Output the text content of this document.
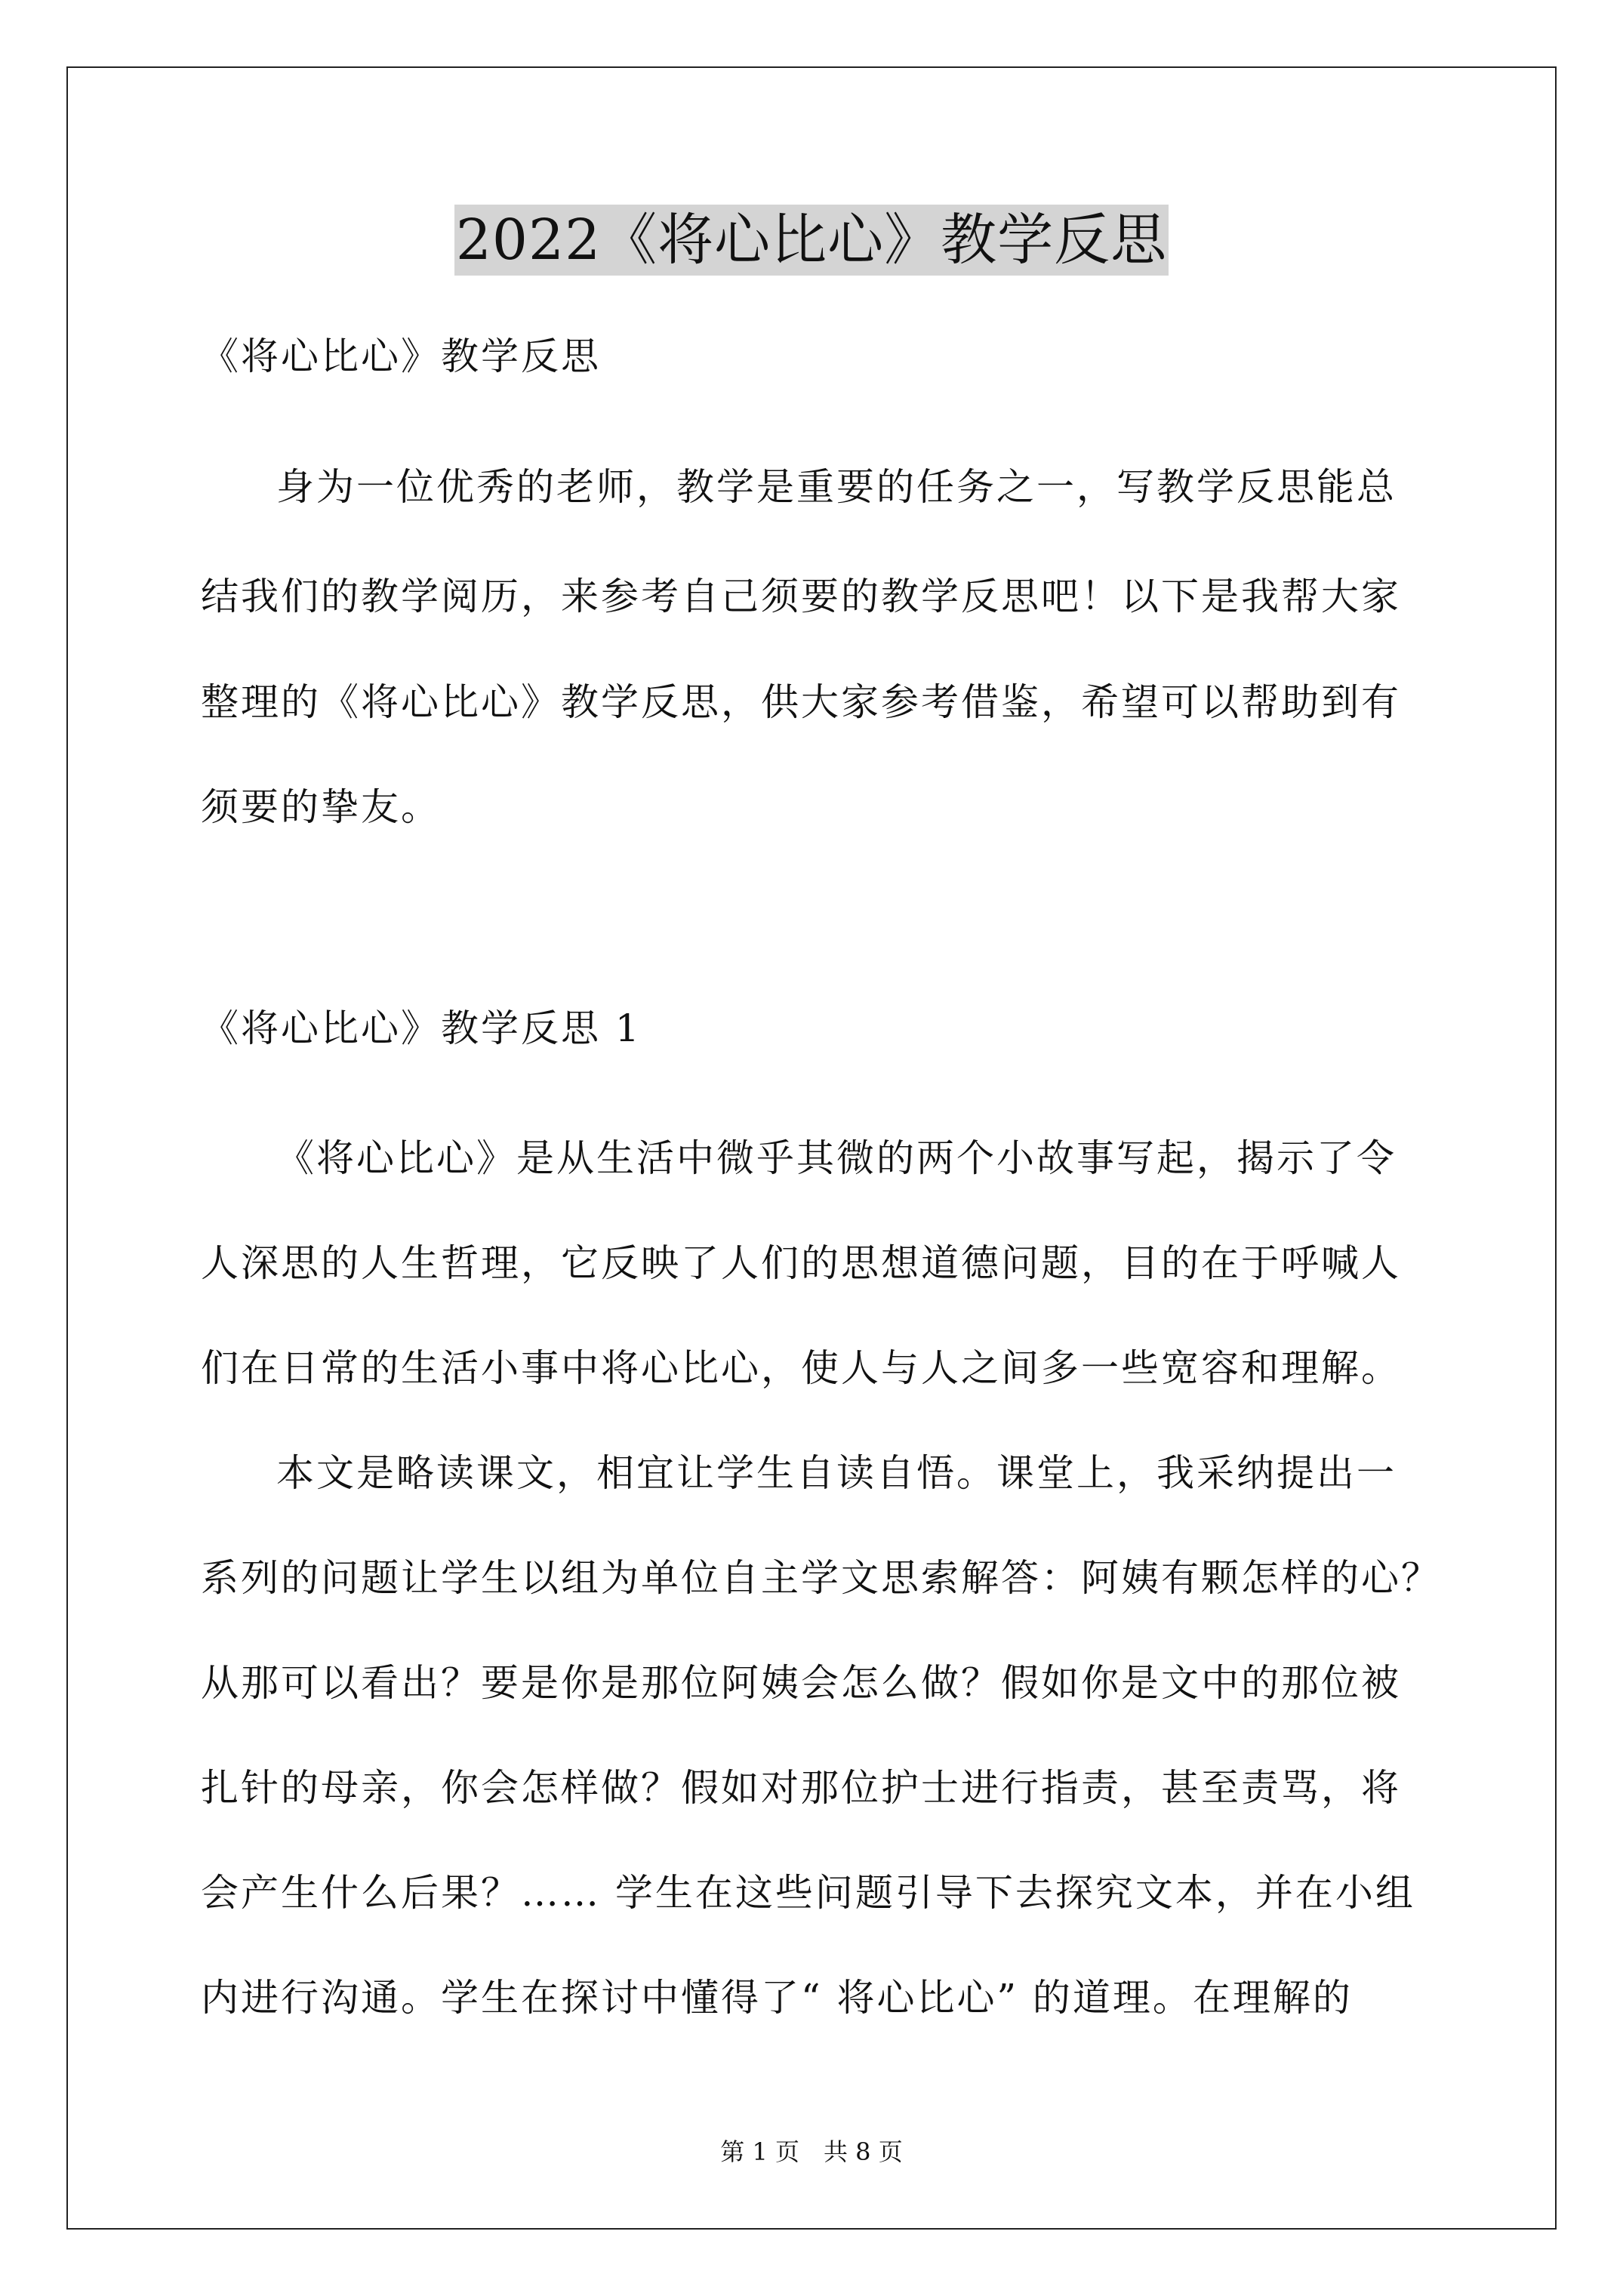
2022《将心比心》教学反思
《将心比心》教学反思
身为一位优秀的老师，教学是重要的任务之一，写教学反思能总
结我们的教学阅历，来参考自己须要的教学反思吧！以下是我帮大家
整理的《将心比心》教学反思，供大家参考借鉴，希望可以帮助到有
须要的挚友。
《将心比心》教学反思 1
《将心比心》是从生活中微乎其微的两个小故事写起，揭示了令
人深思的人生哲理，它反映了人们的思想道德问题，目的在于呼喊人
们在日常的生活小事中将心比心，使人与人之间多一些宽容和理解。
本文是略读课文，相宜让学生自读自悟。课堂上，我采纳提出一
系列的问题让学生以组为单位自主学文思索解答：阿姨有颗怎样的心？
从那可以看出？要是你是那位阿姨会怎么做？假如你是文中的那位被
扎针的母亲，你会怎样做？假如对那位护士进行指责，甚至责骂，将
会产生什么后果？…… 学生在这些问题引导下去探究文本，并在小组
内进行沟通。学生在探讨中懂得了“ 将心比心” 的道理。在理解的
第 1 页　共 8 页
